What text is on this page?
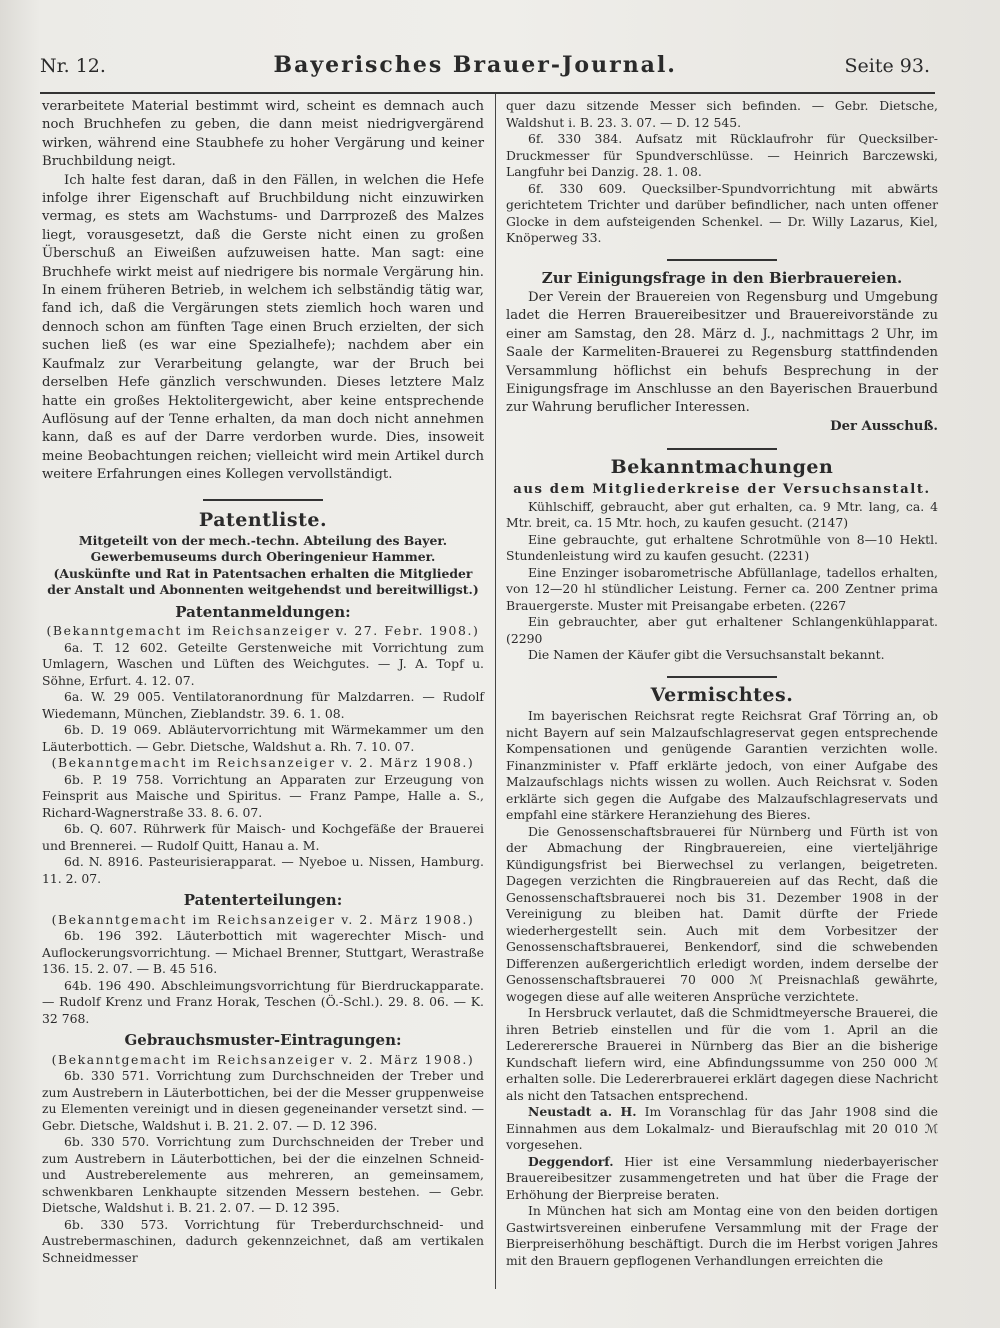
Nr. 12.	Bayerisches Brauer-Journal.	Seite 93.

verarbeitete Material bestimmt wird, scheint es demnach auch noch Bruchhefen zu geben, die dann meist niedrigvergärend wirken, während eine Staubhefe zu hoher Vergärung und keiner Bruchbildung neigt.

Ich halte fest daran, daß in den Fällen, in welchen die Hefe infolge ihrer Eigenschaft auf Bruchbildung nicht einzuwirken vermag, es stets am Wachstums- und Darrprozeß des Malzes liegt, vorausgesetzt, daß die Gerste nicht einen zu großen Überschuß an Eiweißen aufzuweisen hatte. Man sagt: eine Bruchhefe wirkt meist auf niedrigere bis normale Vergärung hin. In einem früheren Betrieb, in welchem ich selbständig tätig war, fand ich, daß die Vergärungen stets ziemlich hoch waren und dennoch schon am fünften Tage einen Bruch erzielten, der sich suchen ließ (es war eine Spezialhefe); nachdem aber ein Kaufmalz zur Verarbeitung gelangte, war der Bruch bei derselben Hefe gänzlich verschwunden. Dieses letztere Malz hatte ein großes Hektolitergewicht, aber keine entsprechende Auflösung auf der Tenne erhalten, da man doch nicht annehmen kann, daß es auf der Darre verdorben wurde. Dies, insoweit meine Beobachtungen reichen; vielleicht wird mein Artikel durch weitere Erfahrungen eines Kollegen vervollständigt.

Patentliste.

Mitgeteilt von der mech.-techn. Abteilung des Bayer. Gewerbemuseums durch Oberingenieur Hammer.

(Auskünfte und Rat in Patentsachen erhalten die Mitglieder der Anstalt und Abonnenten weitgehendst und bereitwilligst.)

Patentanmeldungen:

(Bekanntgemacht im Reichsanzeiger v. 27. Febr. 1908.)

6a. T. 12 602. Geteilte Gerstenweiche mit Vorrichtung zum Umlagern, Waschen und Lüften des Weichgutes. — J. A. Topf u. Söhne, Erfurt. 4. 12. 07.

6a. W. 29 005. Ventilatoranordnung für Malzdarren. — Rudolf Wiedemann, München, Zieblandstr. 39. 6. 1. 08.

6b. D. 19 069. Abläutervorrichtung mit Wärmekammer um den Läuterbottich. — Gebr. Dietsche, Waldshut a. Rh. 7. 10. 07.

(Bekanntgemacht im Reichsanzeiger v. 2. März 1908.)

6b. P. 19 758. Vorrichtung an Apparaten zur Erzeugung von Feinsprit aus Maische und Spiritus. — Franz Pampe, Halle a. S., Richard-Wagnerstraße 33. 8. 6. 07.

6b. Q. 607. Rührwerk für Maisch- und Kochgefäße der Brauerei und Brennerei. — Rudolf Quitt, Hanau a. M.

6d. N. 8916. Pasteurisierapparat. — Nyeboe u. Nissen, Hamburg. 11. 2. 07.

Patenterteilungen:

(Bekanntgemacht im Reichsanzeiger v. 2. März 1908.)

6b. 196 392. Läuterbottich mit wagerechter Misch- und Auflockerungsvorrichtung. — Michael Brenner, Stuttgart, Werastraße 136. 15. 2. 07. — B. 45 516.

64b. 196 490. Abschleimungsvorrichtung für Bierdruckapparate. — Rudolf Krenz und Franz Horak, Teschen (Ö.-Schl.). 29. 8. 06. — K. 32 768.

Gebrauchsmuster-Eintragungen:

(Bekanntgemacht im Reichsanzeiger v. 2. März 1908.)

6b. 330 571. Vorrichtung zum Durchschneiden der Treber und zum Austrebern in Läuterbottichen, bei der die Messer gruppenweise zu Elementen vereinigt und in diesen gegeneinander versetzt sind. — Gebr. Dietsche, Waldshut i. B. 21. 2. 07. — D. 12 396.

6b. 330 570. Vorrichtung zum Durchschneiden der Treber und zum Austrebern in Läuterbottichen, bei der die einzelnen Schneid- und Austreberelemente aus mehreren, an gemeinsamem, schwenkbaren Lenkhaupte sitzenden Messern bestehen. — Gebr. Dietsche, Waldshut i. B. 21. 2. 07. — D. 12 395.

6b. 330 573. Vorrichtung für Treberdurchschneid- und Austrebermaschinen, dadurch gekennzeichnet, daß am vertikalen Schneidmesser

quer dazu sitzende Messer sich befinden. — Gebr. Dietsche, Waldshut i. B. 23. 3. 07. — D. 12 545.

6f. 330 384. Aufsatz mit Rücklaufrohr für Quecksilber-Druckmesser für Spundverschlüsse. — Heinrich Barczewski, Langfuhr bei Danzig. 28. 1. 08.

6f. 330 609. Quecksilber-Spundvorrichtung mit abwärts gerichtetem Trichter und darüber befindlicher, nach unten offener Glocke in dem aufsteigenden Schenkel. — Dr. Willy Lazarus, Kiel, Knöperweg 33.

Zur Einigungsfrage in den Bierbrauereien.

Der Verein der Brauereien von Regensburg und Umgebung ladet die Herren Brauereibesitzer und Brauereivorstände zu einer am Samstag, den 28. März d. J., nachmittags 2 Uhr, im Saale der Karmeliten-Brauerei zu Regensburg stattfindenden Versammlung höflichst ein behufs Besprechung in der Einigungsfrage im Anschlusse an den Bayerischen Brauerbund zur Wahrung beruflicher Interessen.

Der Ausschuß.

Bekanntmachungen

aus dem Mitgliederkreise der Versuchsanstalt.

Kühlschiff, gebraucht, aber gut erhalten, ca. 9 Mtr. lang, ca. 4 Mtr. breit, ca. 15 Mtr. hoch, zu kaufen gesucht. (2147)

Eine gebrauchte, gut erhaltene Schrotmühle von 8—10 Hektl. Stundenleistung wird zu kaufen gesucht. (2231)

Eine Enzinger isobarometrische Abfüllanlage, tadellos erhalten, von 12—20 hl stündlicher Leistung. Ferner ca. 200 Zentner prima Brauergerste. Muster mit Preisangabe erbeten. (2267

Ein gebrauchter, aber gut erhaltener Schlangenkühlapparat. (2290

Die Namen der Käufer gibt die Versuchsanstalt bekannt.

Vermischtes.

Im bayerischen Reichsrat regte Reichsrat Graf Törring an, ob nicht Bayern auf sein Malzaufschlagreservat gegen entsprechende Kompensationen und genügende Garantien verzichten wolle. Finanzminister v. Pfaff erklärte jedoch, von einer Aufgabe des Malzaufschlags nichts wissen zu wollen. Auch Reichsrat v. Soden erklärte sich gegen die Aufgabe des Malzaufschlagreservats und empfahl eine stärkere Heranziehung des Bieres.

Die Genossenschaftsbrauerei für Nürnberg und Fürth ist von der Abmachung der Ringbrauereien, eine vierteljährige Kündigungsfrist bei Bierwechsel zu verlangen, beigetreten. Dagegen verzichten die Ringbrauereien auf das Recht, daß die Genossenschaftsbrauerei noch bis 31. Dezember 1908 in der Vereinigung zu bleiben hat. Damit dürfte der Friede wiederhergestellt sein. Auch mit dem Vorbesitzer der Genossenschaftsbrauerei, Benkendorf, sind die schwebenden Differenzen außergerichtlich erledigt worden, indem derselbe der Genossenschaftsbrauerei 70 000 ℳ Preisnachlaß gewährte, wogegen diese auf alle weiteren Ansprüche verzichtete.

In Hersbruck verlautet, daß die Schmidtmeyersche Brauerei, die ihren Betrieb einstellen und für die vom 1. April an die Ledererersche Brauerei in Nürnberg das Bier an die bisherige Kundschaft liefern wird, eine Abfindungssumme von 250 000 ℳ erhalten solle. Die Ledererbrauerei erklärt dagegen diese Nachricht als nicht den Tatsachen entsprechend.

Neustadt a. H. Im Voranschlag für das Jahr 1908 sind die Einnahmen aus dem Lokalmalz- und Bieraufschlag mit 20 010 ℳ vorgesehen.

Deggendorf. Hier ist eine Versammlung niederbayerischer Brauereibesitzer zusammengetreten und hat über die Frage der Erhöhung der Bierpreise beraten.

In München hat sich am Montag eine von den beiden dortigen Gastwirtsvereinen einberufene Versammlung mit der Frage der Bierpreiserhöhung beschäftigt. Durch die im Herbst vorigen Jahres mit den Brauern gepflogenen Verhandlungen erreichten die
